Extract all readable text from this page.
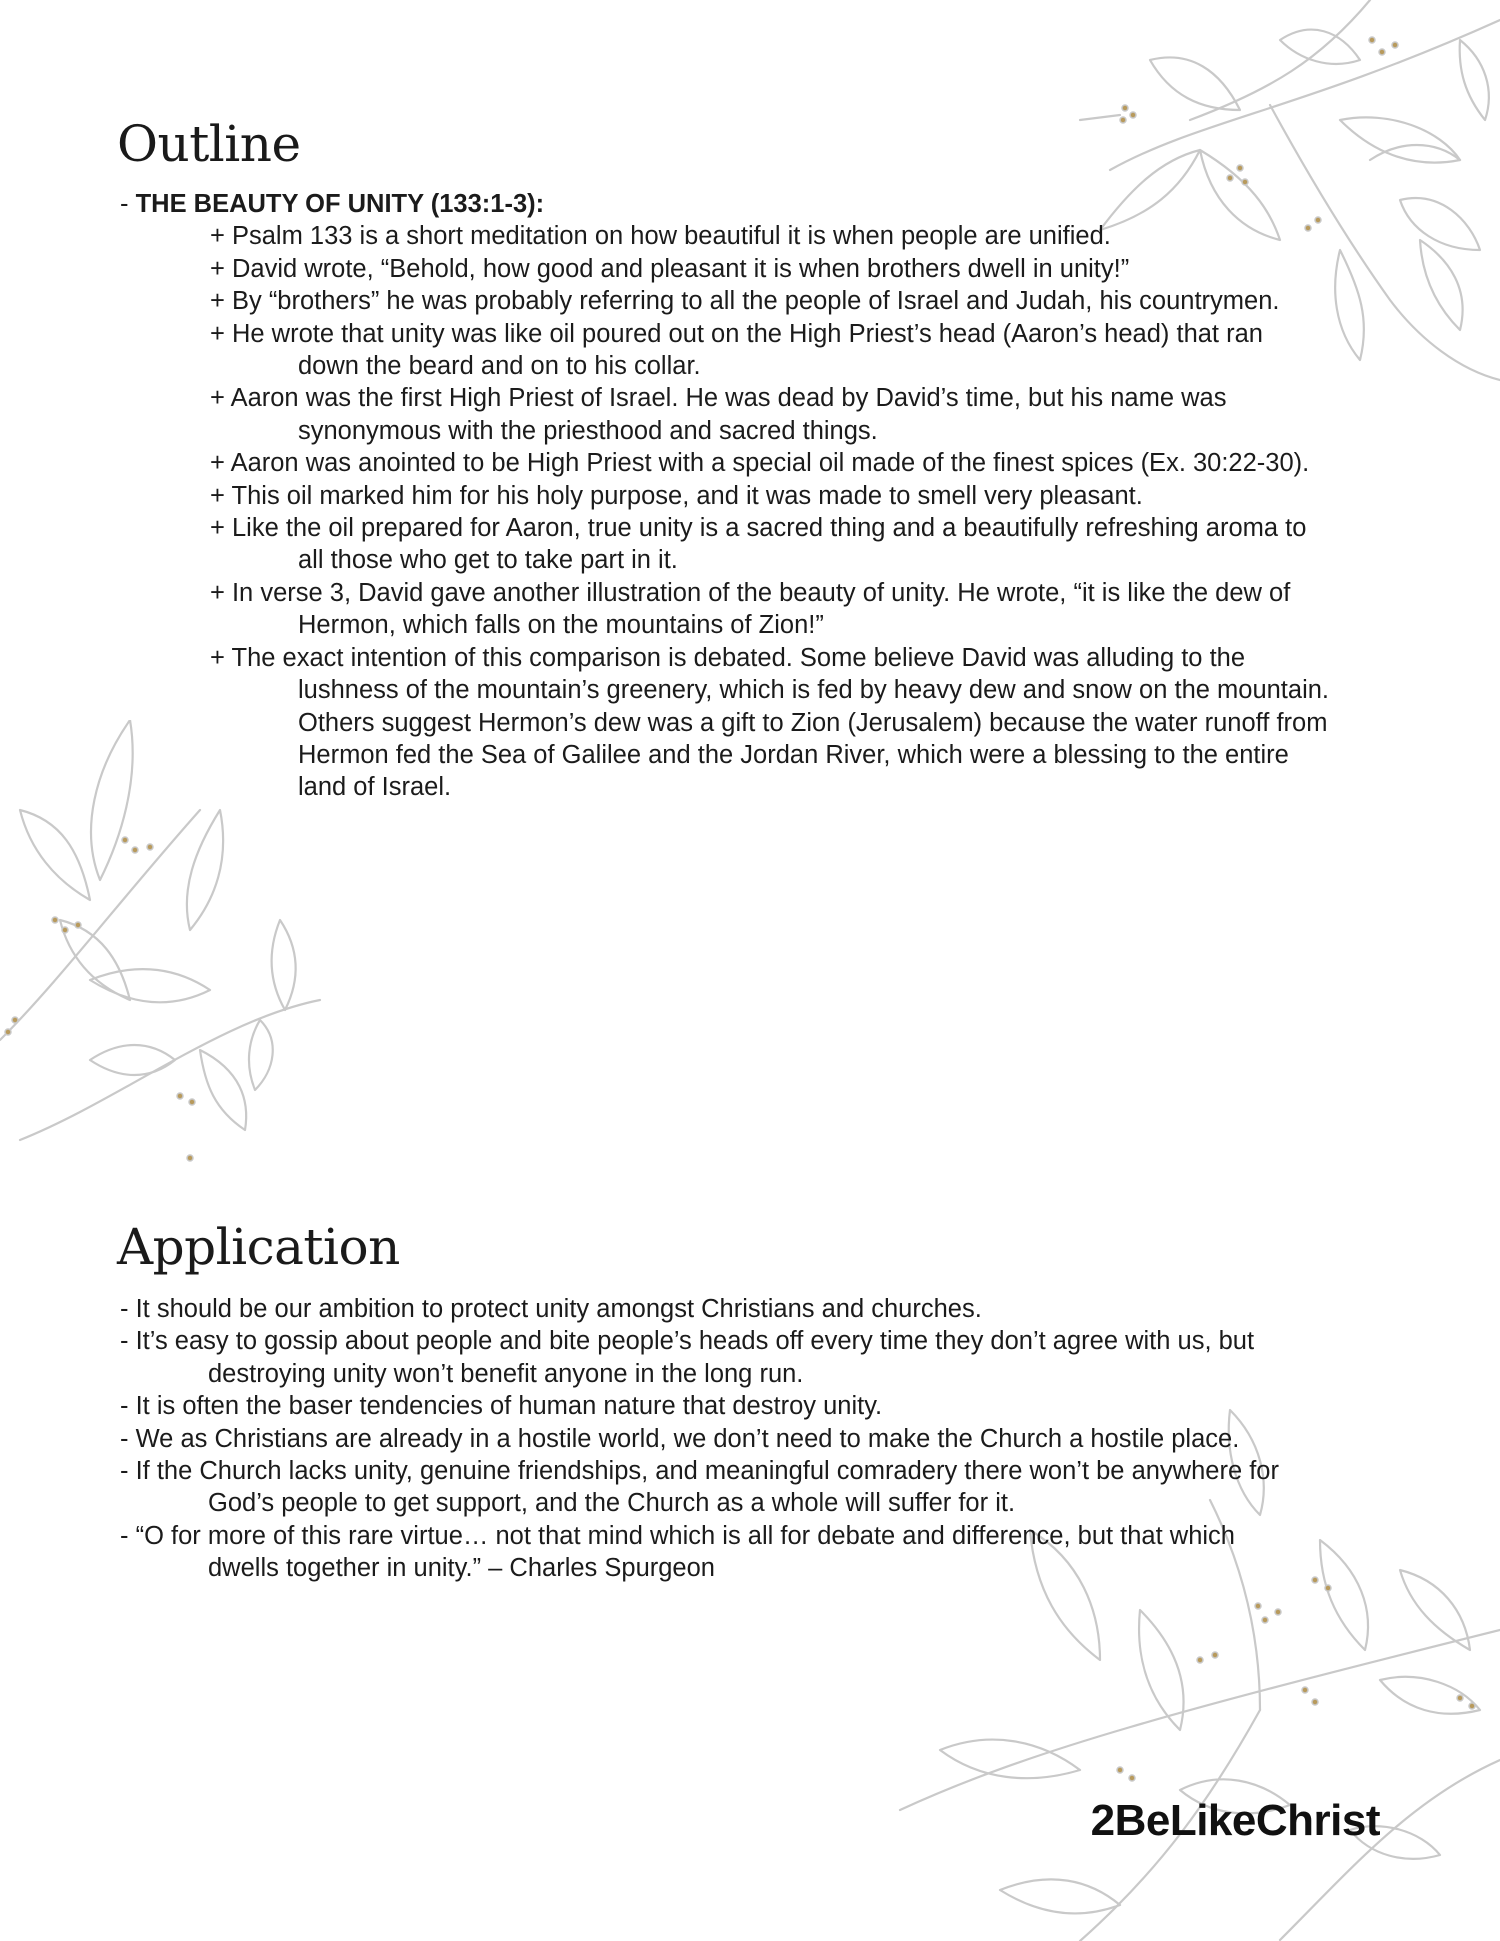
Outline
- THE BEAUTY OF UNITY (133:1-3):
+ Psalm 133 is a short meditation on how beautiful it is when people are unified.
+ David wrote, “Behold, how good and pleasant it is when brothers dwell in unity!”
+ By “brothers” he was probably referring to all the people of Israel and Judah, his countrymen.
+ He wrote that unity was like oil poured out on the High Priest’s head (Aaron’s head) that ran
down the beard and on to his collar.
+ Aaron was the first High Priest of Israel. He was dead by David’s time, but his name was
synonymous with the priesthood and sacred things.
+ Aaron was anointed to be High Priest with a special oil made of the finest spices (Ex. 30:22-30).
+ This oil marked him for his holy purpose, and it was made to smell very pleasant.
+ Like the oil prepared for Aaron, true unity is a sacred thing and a beautifully refreshing aroma to
all those who get to take part in it.
+ In verse 3, David gave another illustration of the beauty of unity. He wrote, “it is like the dew of
Hermon, which falls on the mountains of Zion!”
+ The exact intention of this comparison is debated. Some believe David was alluding to the
lushness of the mountain’s greenery, which is fed by heavy dew and snow on the mountain.
Others suggest Hermon’s dew was a gift to Zion (Jerusalem) because the water runoff from
Hermon fed the Sea of Galilee and the Jordan River, which were a blessing to the entire
land of Israel.
Application
- It should be our ambition to protect unity amongst Christians and churches.
- It’s easy to gossip about people and bite people’s heads off every time they don’t agree with us, but
destroying unity won’t benefit anyone in the long run.
- It is often the baser tendencies of human nature that destroy unity.
- We as Christians are already in a hostile world, we don’t need to make the Church a hostile place.
- If the Church lacks unity, genuine friendships, and meaningful comradery there won’t be anywhere for
God’s people to get support, and the Church as a whole will suffer for it.
- “O for more of this rare virtue… not that mind which is all for debate and difference, but that which
dwells together in unity.” – Charles Spurgeon
2BeLikeChrist
